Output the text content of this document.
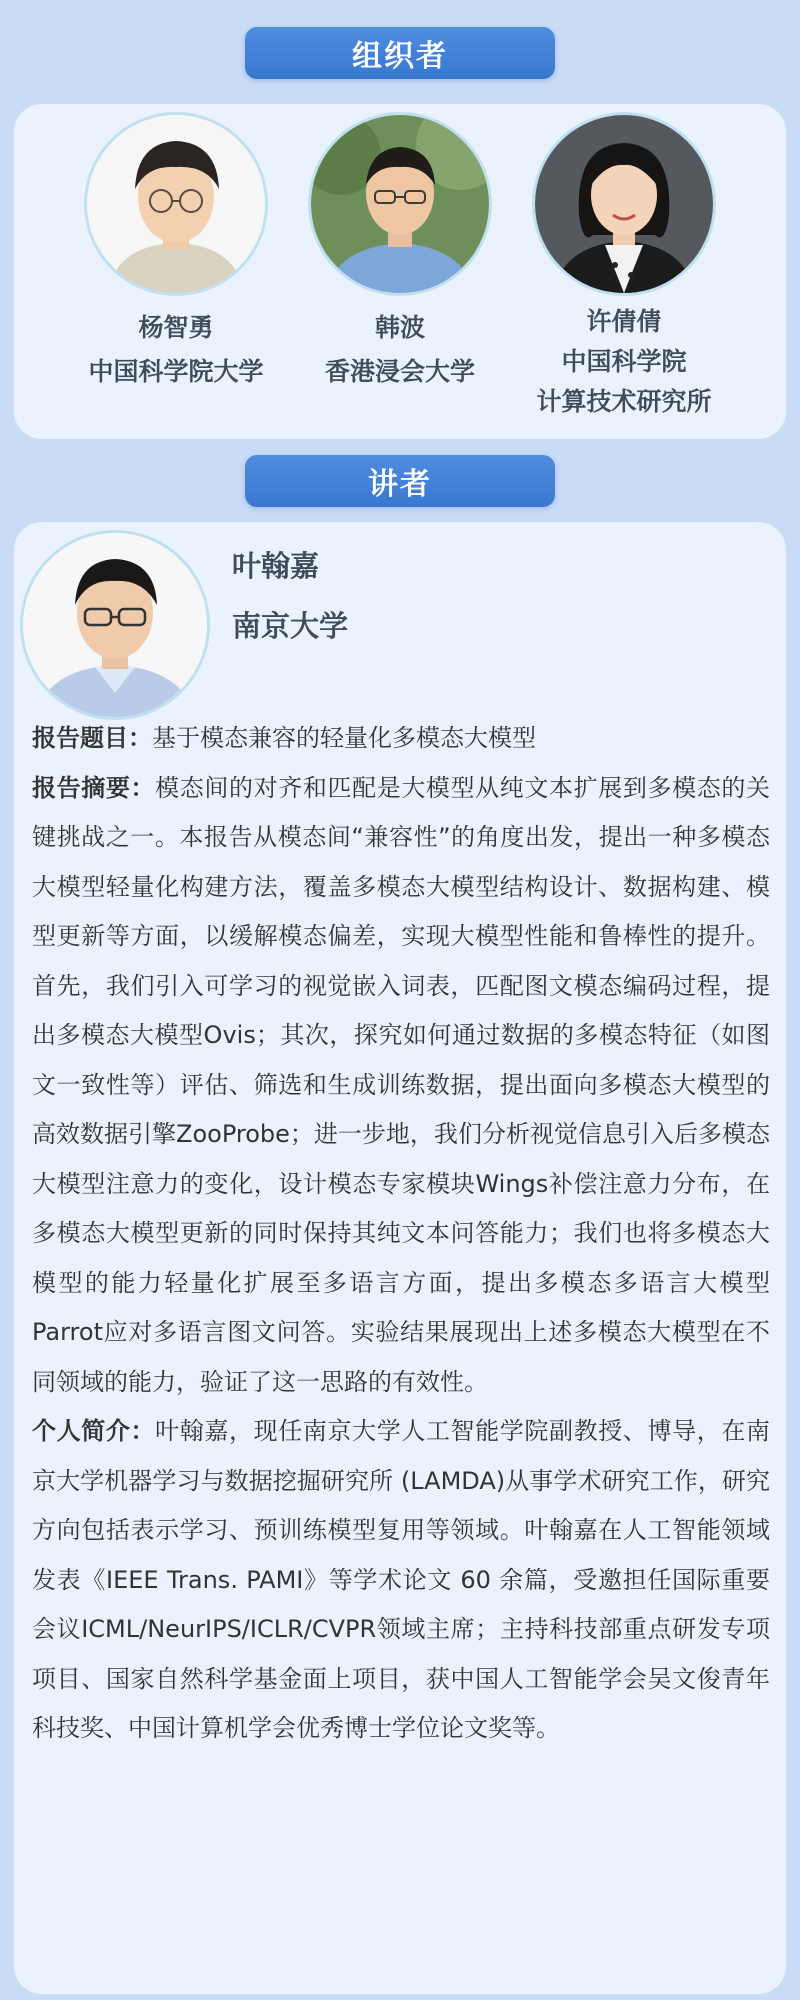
组织者
杨智勇
中国科学院大学
韩波
香港浸会大学
许倩倩
中国科学院
计算技术研究所
讲者
叶翰嘉
南京大学

报告题目：基于模态兼容的轻量化多模态大模型

报告摘要：模态间的对齐和匹配是大模型从纯文本扩展到多模态的关键挑战之一。本报告从模态间“兼容性”的角度出发，提出一种多模态大模型轻量化构建方法，覆盖多模态大模型结构设计、数据构建、模型更新等方面，以缓解模态偏差，实现大模型性能和鲁棒性的提升。首先，我们引入可学习的视觉嵌入词表，匹配图文模态编码过程，提出多模态大模型Ovis；其次，探究如何通过数据的多模态特征（如图文一致性等）评估、筛选和生成训练数据，提出面向多模态大模型的高效数据引擎ZooProbe；进一步地，我们分析视觉信息引入后多模态大模型注意力的变化，设计模态专家模块Wings补偿注意力分布，在多模态大模型更新的同时保持其纯文本问答能力；我们也将多模态大模型的能力轻量化扩展至多语言方面，提出多模态多语言大模型Parrot应对多语言图文问答。实验结果展现出上述多模态大模型在不同领域的能力，验证了这一思路的有效性。

个人简介：叶翰嘉，现任南京大学人工智能学院副教授、博导，在南京大学机器学习与数据挖掘研究所 (LAMDA)从事学术研究工作，研究方向包括表示学习、预训练模型复用等领域。叶翰嘉在人工智能领域发表《IEEE Trans. PAMI》等学术论文 60 余篇，受邀担任国际重要会议ICML/NeurIPS/ICLR/CVPR领域主席；主持科技部重点研发专项项目、国家自然科学基金面上项目，获中国人工智能学会吴文俊青年科技奖、中国计算机学会优秀博士学位论文奖等。
